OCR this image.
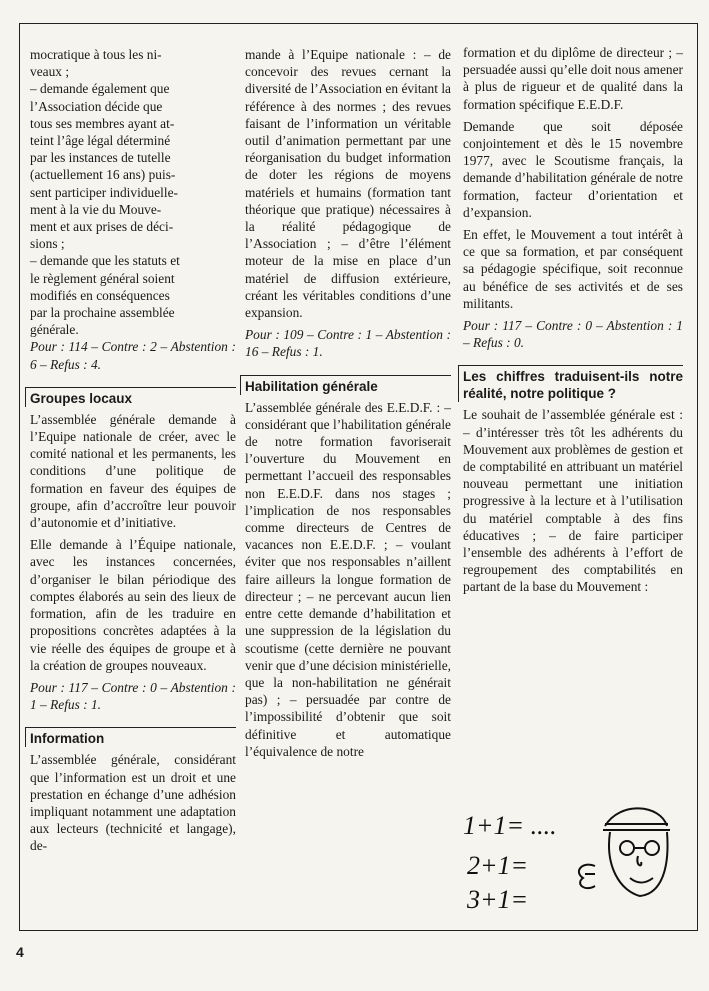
mocratique à tous les ni-
veaux ;
– demande également que
l’Association décide que
tous ses membres ayant at-
teint l’âge légal déterminé
par les instances de tutelle
(actuellement 16 ans) puis-
sent participer individuelle-
ment à la vie du Mouve-
ment et aux prises de déci-
sions ;
– demande que les statuts et
le règlement général soient
modifiés en conséquences
par la prochaine assemblée
générale.

Pour : 114 – Contre : 2 – Abstention : 6 – Refus : 4.

Groupes locaux

L’assemblée générale demande à l’Equipe nationale de créer, avec le comité national et les permanents, les conditions d’une politique de formation en faveur des équipes de groupe, afin d’accroître leur pouvoir d’autonomie et d’initiative.

Elle demande à l’Équipe nationale, avec les instances concernées, d’organiser le bilan périodique des comptes élaborés au sein des lieux de formation, afin de les traduire en propositions concrètes adaptées à la vie réelle des équipes de groupe et à la création de groupes nouveaux.

Pour : 117 – Contre : 0 – Abstention : 1 – Refus : 1.

Information

L’assemblée générale, considérant que l’information est un droit et une prestation en échange d’une adhésion impliquant notamment une adaptation aux lecteurs (technicité et langage), de-

mande à l’Equipe nationale : – de concevoir des revues cernant la diversité de l’Association en évitant la référence à des normes ; des revues faisant de l’information un véritable outil d’animation permettant par une réorganisation du budget information de doter les régions de moyens matériels et humains (formation tant théorique que pratique) nécessaires à la réalité pédagogique de l’Association ; – d’être l’élément moteur de la mise en place d’un matériel de diffusion extérieure, créant les véritables conditions d’une expansion.

Pour : 109 – Contre : 1 – Abstention : 16 – Refus : 1.

Habilitation générale

L’assemblée générale des E.E.D.F. : – considérant que l’habilitation générale de notre formation favoriserait l’ouverture du Mouvement en permettant l’accueil des responsables non E.E.D.F. dans nos stages ; l’implication de nos responsables comme directeurs de Centres de vacances non E.E.D.F. ; – voulant éviter que nos responsables n’aillent faire ailleurs la longue formation de directeur ; – ne percevant aucun lien entre cette demande d’habilitation et une suppression de la législation du scoutisme (cette dernière ne pouvant venir que d’une décision ministérielle, que la non-habilitation ne générait pas) ; – persuadée par contre de l’impossibilité d’obtenir que soit définitive et automatique l’équivalence de notre

formation et du diplôme de directeur ; – persuadée aussi qu’elle doit nous amener à plus de rigueur et de qualité dans la formation spécifique E.E.D.F.

Demande que soit déposée conjointement et dès le 15 novembre 1977, avec le Scoutisme français, la demande d’habilitation générale de notre formation, facteur d’orientation et d’expansion.

En effet, le Mouvement a tout intérêt à ce que sa formation, et par conséquent sa pédagogie spécifique, soit reconnue au bénéfice de ses activités et de ses militants.

Pour : 117 – Contre : 0 – Abstention : 1 – Refus : 0.

Les chiffres traduisent-ils notre réalité, notre politique ?

Le souhait de l’assemblée générale est : – d’intéresser très tôt les adhérents du Mouvement aux problèmes de gestion et de comptabilité en attribuant un matériel nouveau permettant une initiation progressive à la lecture et à l’utilisation du matériel comptable à des fins éducatives ; – de faire participer l’ensemble des adhérents à l’effort de regroupement des comptabilités en partant de la base du Mouvement :

1+1= ....
2+1=
3+1=
4
